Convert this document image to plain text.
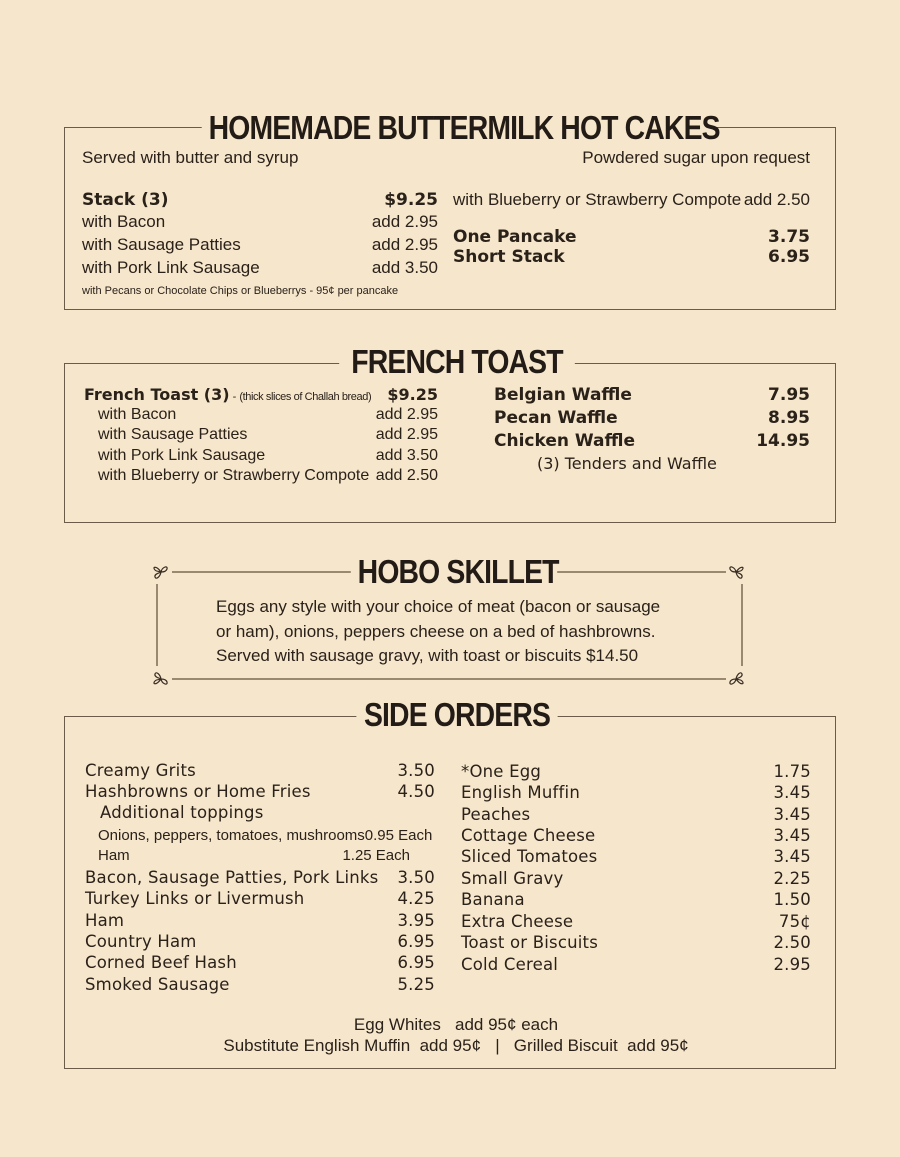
HOMEMADE BUTTERMILK HOT CAKES
Served with butter and syrup	Powdered sugar upon request
Stack (3)	$9.25
with Bacon	add 2.95
with Sausage Patties	add 2.95
with Pork Link Sausage	add 3.50
with Pecans or Chocolate Chips or Blueberrys - 95¢ per pancake
with Blueberry or Strawberry Compote add 2.50
One Pancake	3.75
Short Stack	6.95
FRENCH TOAST
French Toast (3) - (thick slices of Challah bread) $9.25
with Bacon	add 2.95
with Sausage Patties	add 2.95
with Pork Link Sausage	add 3.50
with Blueberry or Strawberry Compote add 2.50
Belgian Waffle	7.95
Pecan Waffle	8.95
Chicken Waffle	14.95
(3) Tenders and Waffle
HOBO SKILLET
Eggs any style with your choice of meat (bacon or sausage
or ham), onions, peppers cheese on a bed of hashbrowns.
Served with sausage gravy, with toast or biscuits $14.50
SIDE ORDERS
Creamy Grits	3.50
Hashbrowns or Home Fries	4.50
Additional toppings
Onions, peppers, tomatoes, mushrooms 0.95 Each
Ham	1.25 Each
Bacon, Sausage Patties, Pork Links 3.50
Turkey Links or Livermush	4.25
Ham	3.95
Country Ham	6.95
Corned Beef Hash	6.95
Smoked Sausage	5.25
*One Egg	1.75
English Muffin	3.45
Peaches	3.45
Cottage Cheese	3.45
Sliced Tomatoes	3.45
Small Gravy	2.25
Banana	1.50
Extra Cheese	75¢
Toast or Biscuits	2.50
Cold Cereal	2.95
Egg Whites   add 95¢ each
Substitute English Muffin  add 95¢   |   Grilled Biscuit  add 95¢
